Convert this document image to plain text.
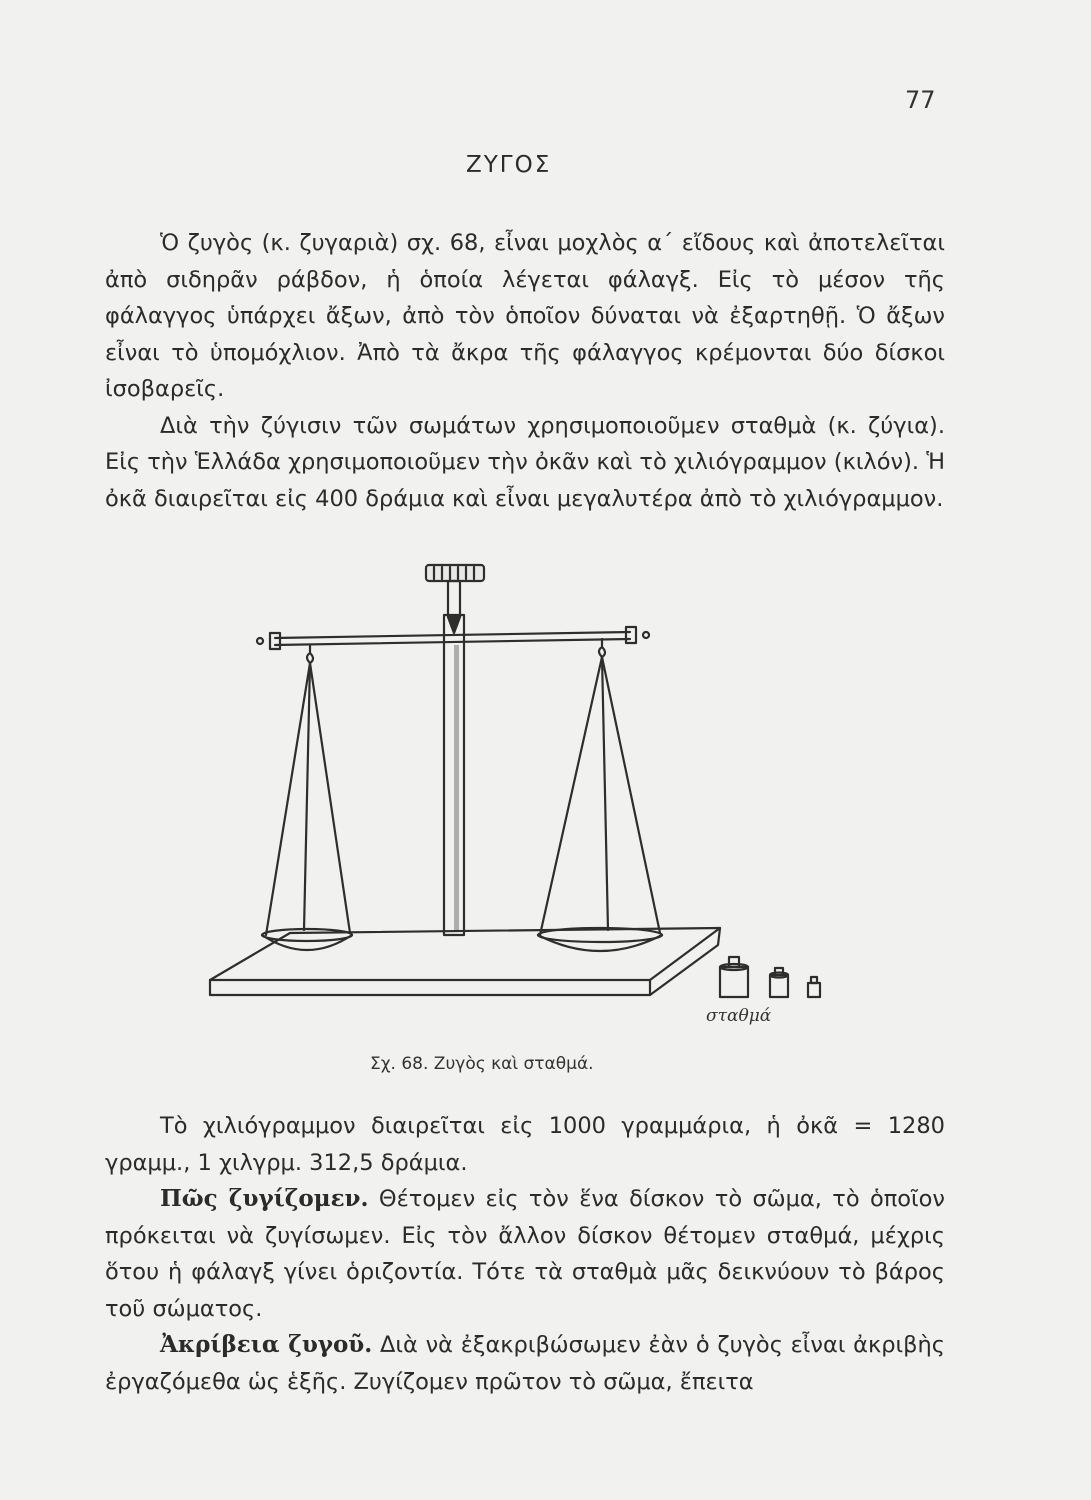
77
ΖΥΓΟΣ

Ὁ ζυγὸς (κ. ζυγαριὰ) σχ. 68, εἶναι μοχλὸς α΄ εἴδους καὶ ἀποτελεῖται ἀπὸ σιδηρᾶν ράβδον, ἡ ὁποία λέγεται φάλαγξ. Εἰς τὸ μέσον τῆς φάλαγγος ὑπάρχει ἄξων, ἀπὸ τὸν ὁποῖον δύναται νὰ ἐξαρτηθῇ. Ὁ ἄξων εἶναι τὸ ὑπομόχλιον. Ἀπὸ τὰ ἄκρα τῆς φάλαγγος κρέμονται δύο δίσκοι ἰσοβαρεῖς.

Διὰ τὴν ζύγισιν τῶν σωμάτων χρησιμοποιοῦμεν σταθμὰ (κ. ζύγια). Εἰς τὴν Ἑλλάδα χρησιμοποιοῦμεν τὴν ὀκᾶν καὶ τὸ χιλιόγραμμον (κιλόν). Ἡ ὀκᾶ διαιρεῖται εἰς 400 δράμια καὶ εἶναι μεγαλυτέρα ἀπὸ τὸ χιλιόγραμμον.

σταθμά
Σχ. 68. Ζυγὸς καὶ σταθμά.

Τὸ χιλιόγραμμον διαιρεῖται εἰς 1000 γραμμάρια, ἡ ὀκᾶ = 1280 γραμμ., 1 χιλγρμ. 312,5 δράμια.

Πῶς ζυγίζομεν. Θέτομεν εἰς τὸν ἕνα δίσκον τὸ σῶμα, τὸ ὁποῖον πρόκειται νὰ ζυγίσωμεν. Εἰς τὸν ἄλλον δίσκον θέτομεν σταθμά, μέχρις ὅτου ἡ φάλαγξ γίνει ὁριζοντία. Τότε τὰ σταθμὰ μᾶς δεικνύουν τὸ βάρος τοῦ σώματος.

Ἀκρίβεια ζυγοῦ. Διὰ νὰ ἐξακριβώσωμεν ἐὰν ὁ ζυγὸς εἶναι ἀκριβὴς ἐργαζόμεθα ὡς ἑξῆς. Ζυγίζομεν πρῶτον τὸ σῶμα, ἔπειτα
